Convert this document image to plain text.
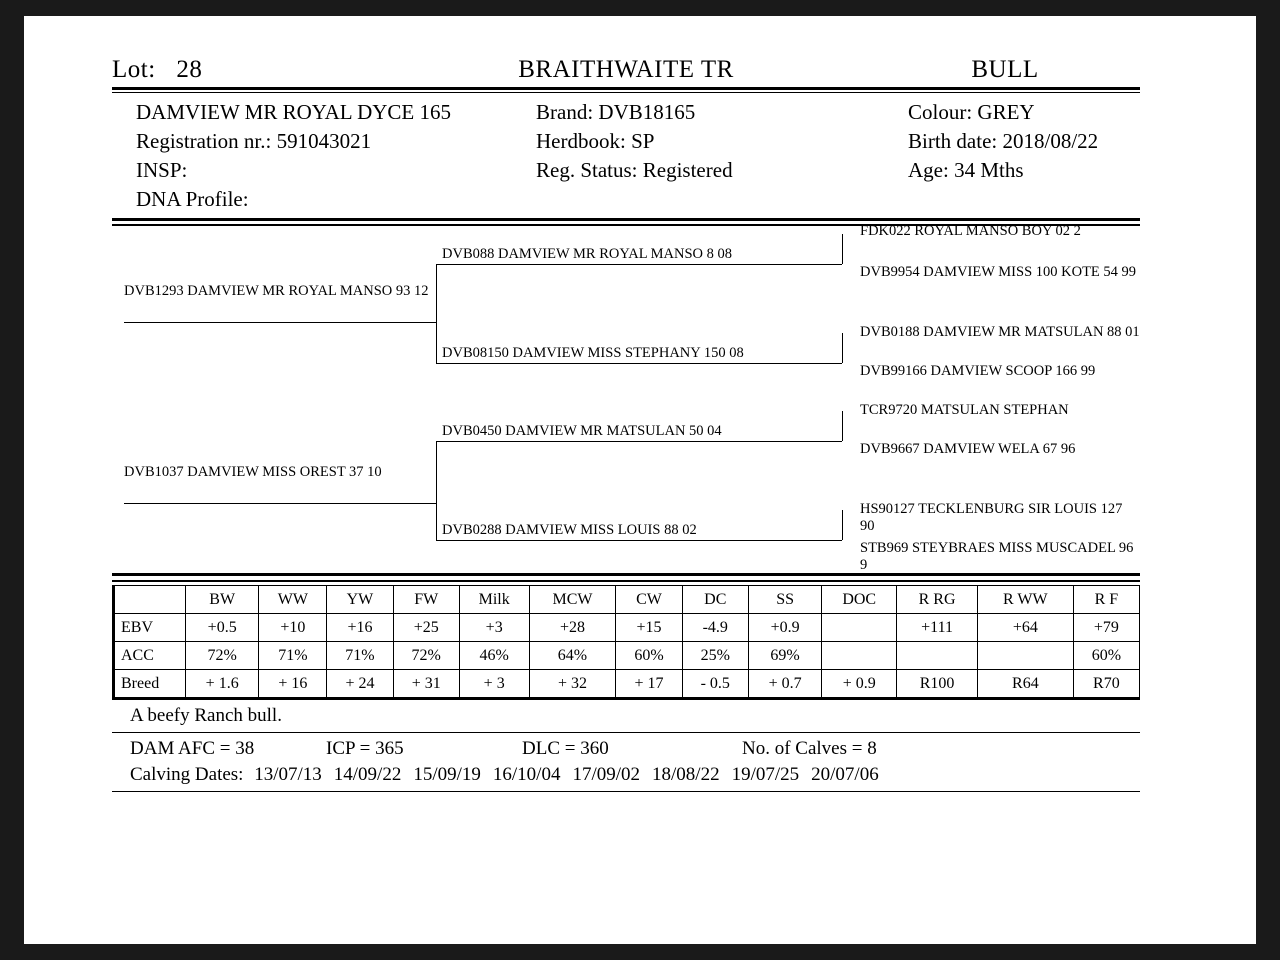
Lot: 28	BRAITHWAITE TR	BULL
DAMVIEW MR ROYAL DYCE 165	Brand: DVB18165	Colour: GREY
Registration nr.: 591043021	Herdbook: SP	Birth date: 2018/08/22
INSP:	Reg. Status: Registered	Age: 34 Mths
DNA Profile:
DVB1293 DAMVIEW MR ROYAL MANSO 93 12
DVB1037 DAMVIEW MISS OREST 37 10
DVB088 DAMVIEW MR ROYAL MANSO 8 08
DVB08150 DAMVIEW MISS STEPHANY 150 08
DVB0450 DAMVIEW MR MATSULAN 50 04
DVB0288 DAMVIEW MISS LOUIS 88 02
FDK022 ROYAL MANSO BOY 02 2
DVB9954 DAMVIEW MISS 100 KOTE 54 99
DVB0188 DAMVIEW MR MATSULAN 88 01
DVB99166 DAMVIEW SCOOP 166 99
TCR9720 MATSULAN STEPHAN
DVB9667 DAMVIEW WELA 67 96
HS90127 TECKLENBURG SIR LOUIS 127 90
STB969 STEYBRAES MISS MUSCADEL 96 9
	BW	WW	YW	FW	Milk	MCW	CW	DC	SS	DOC	R RG	R WW	R F
EBV	+0.5	+10	+16	+25	+3	+28	+15	-4.9	+0.9		+111	+64	+79
ACC	72%	71%	71%	72%	46%	64%	60%	25%	69%				60%
Breed	+ 1.6	+ 16	+ 24	+ 31	+ 3	+ 32	+ 17	- 0.5	+ 0.7	+ 0.9	R100	R64	R70
A beefy Ranch bull.
DAM AFC = 38	ICP = 365	DLC = 360	No. of Calves = 8
Calving Dates: 13/07/13 14/09/22 15/09/19 16/10/04 17/09/02 18/08/22 19/07/25 20/07/06
